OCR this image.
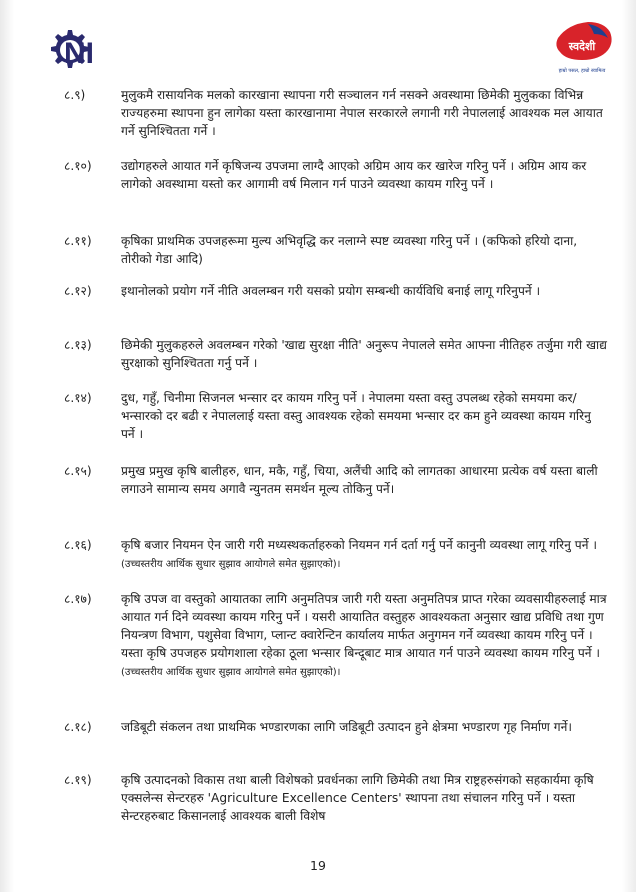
NI	स्वदेशी
हाम्रो पसल, हाम्रो स्वामित्व
८.९)	मुलुकमै रासायनिक मलको कारखाना स्थापना गरी सञ्चालन गर्न नसक्ने अवस्थामा छिमेकी मुलुकका विभिन्न राज्यहरुमा स्थापना हुन लागेका यस्ता कारखानामा नेपाल सरकारले लगानी गरी नेपाललाई आवश्यक मल आयात गर्ने सुनिश्चितता गर्ने ।
८.१०)	उद्योगहरुले आयात गर्ने कृषिजन्य उपजमा लाग्दै आएको अग्रिम आय कर खारेज गरिनु पर्ने । अग्रिम आय कर लागेको अवस्थामा यस्तो कर आगामी वर्ष मिलान गर्न पाउने व्यवस्था कायम गरिनु पर्ने ।
८.११)	कृषिका प्राथमिक उपजहरूमा मुल्य अभिवृद्धि कर नलाग्ने स्पष्ट व्यवस्था गरिनु पर्ने । (कफिको हरियो दाना, तोरीको गेडा आदि)
८.१२)	इथानोलको प्रयोग गर्ने नीति अवलम्बन गरी यसको प्रयोग सम्बन्धी कार्यविधि बनाई लागू गरिनुपर्ने ।
८.१३)	छिमेकी मुलुकहरुले अवलम्बन गरेको 'खाद्य सुरक्षा नीति' अनुरूप नेपालले समेत आफ्ना नीतिहरु तर्जुमा गरी खाद्य सुरक्षाको सुनिश्चितता गर्नु पर्ने ।
८.१४)	दुध, गहुँ, चिनीमा सिजनल भन्सार दर कायम गरिनु पर्ने । नेपालमा यस्ता वस्तु उपलब्ध रहेको समयमा कर/ भन्सारको दर बढी र नेपाललाई यस्ता वस्तु आवश्यक रहेको समयमा भन्सार दर कम हुने व्यवस्था कायम गरिनु पर्ने ।
८.१५)	प्रमुख प्रमुख कृषि बालीहरु, धान, मकै, गहुँ, चिया, अलैंची आदि को लागतका आधारमा प्रत्येक वर्ष यस्ता बाली लगाउने सामान्य समय अगावै न्युनतम समर्थन मूल्य तोकिनु पर्ने।
८.१६)	कृषि बजार नियमन ऐन जारी गरी मध्यस्थकर्ताहरुको नियमन गर्न दर्ता गर्नु पर्ने कानुनी व्यवस्था लागू गरिनु पर्ने । (उच्चस्तरीय आर्थिक सुधार सुझाव आयोगले समेत सुझाएको)।
८.१७)	कृषि उपज वा वस्तुको आयातका लागि अनुमतिपत्र जारी गरी यस्ता अनुमतिपत्र प्राप्त गरेका व्यवसायीहरुलाई मात्र आयात गर्न दिने व्यवस्था कायम गरिनु पर्ने । यसरी आयातित वस्तुहरु आवश्यकता अनुसार खाद्य प्रविधि तथा गुण नियन्त्रण विभाग, पशुसेवा विभाग, प्लान्ट क्वारेन्टिन कार्यालय मार्फत अनुगमन गर्ने व्यवस्था कायम गरिनु पर्ने । यस्ता कृषि उपजहरु प्रयोगशाला रहेका ठूला भन्सार बिन्दूबाट मात्र आयात गर्न पाउने व्यवस्था कायम गरिनु पर्ने । (उच्चस्तरीय आर्थिक सुधार सुझाव आयोगले समेत सुझाएको)।
८.१८)	जडिबूटी संकलन तथा प्राथमिक भण्डारणका लागि जडिबूटी उत्पादन हुने क्षेत्रमा भण्डारण गृह निर्माण गर्ने।
८.१९)	कृषि उत्पादनको विकास तथा बाली विशेषको प्रवर्धनका लागि छिमेकी तथा मित्र राष्ट्रहरुसंगको सहकार्यमा कृषि एक्सलेन्स सेन्टरहरु 'Agriculture Excellence Centers' स्थापना तथा संचालन गरिनु पर्ने । यस्ता सेन्टरहरुबाट किसानलाई आवश्यक बाली विशेष
19
